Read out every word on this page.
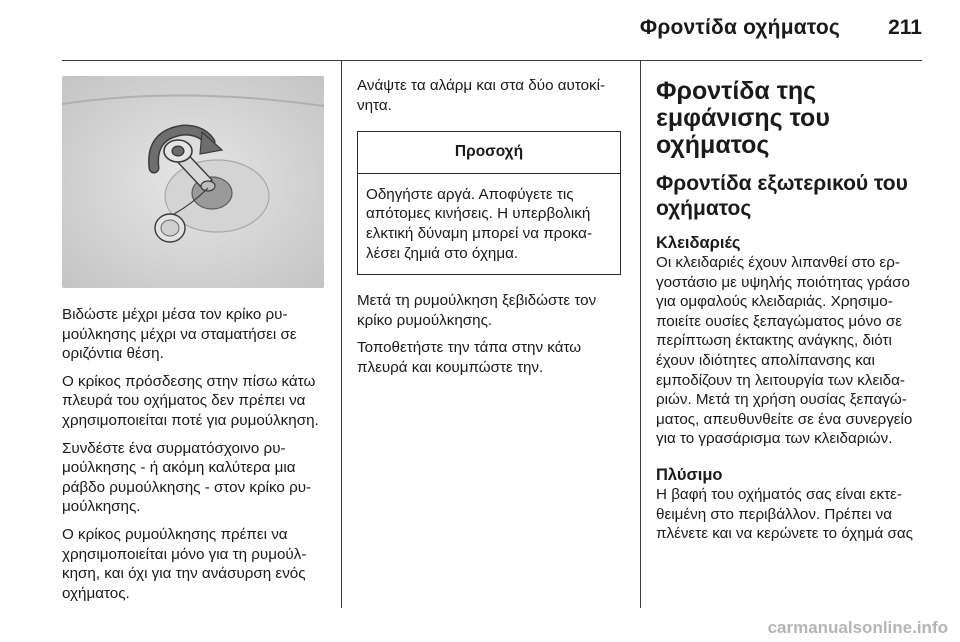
Φροντίδα οχήματος	211

Βιδώστε μέχρι μέσα τον κρίκο ρυμούλκησης μέχρι να σταματήσει σε οριζόντια θέση.

Ο κρίκος πρόσδεσης στην πίσω κάτω πλευρά του οχήματος δεν πρέπει να χρησιμοποιείται ποτέ για ρυμούλκηση.

Συνδέστε ένα συρματόσχοινο ρυμούλκησης - ή ακόμη καλύτερα μια ράβδο ρυμούλκησης - στον κρίκο ρυμούλκησης.

Ο κρίκος ρυμούλκησης πρέπει να χρησιμοποιείται μόνο για τη ρυμούλκηση, και όχι για την ανάσυρση ενός οχήματος.

Ανάψτε τα αλάρμ και στα δύο αυτοκίνητα.

Προσοχή
Οδηγήστε αργά. Αποφύγετε τις απότομες κινήσεις. Η υπερβολική ελκτική δύναμη μπορεί να προκαλέσει ζημιά στο όχημα.

Μετά τη ρυμούλκηση ξεβιδώστε τον κρίκο ρυμούλκησης.

Τοποθετήστε την τάπα στην κάτω πλευρά και κουμπώστε την.

Φροντίδα της εμφάνισης του οχήματος
Φροντίδα εξωτερικού του οχήματος
Κλειδαριές

Οι κλειδαριές έχουν λιπανθεί στο εργοστάσιο με υψηλής ποιότητας γράσο για ομφαλούς κλειδαριάς. Χρησιμοποιείτε ουσίες ξεπαγώματος μόνο σε περίπτωση έκτακτης ανάγκης, διότι έχουν ιδιότητες απολίπανσης και εμποδίζουν τη λειτουργία των κλειδαριών. Μετά τη χρήση ουσίας ξεπαγώματος, απευθυνθείτε σε ένα συνεργείο για το γρασάρισμα των κλειδαριών.

Πλύσιμο

Η βαφή του οχήματός σας είναι εκτεθειμένη στο περιβάλλον. Πρέπει να πλένετε και να κερώνετε το όχημά σας

carmanualsonline.info
